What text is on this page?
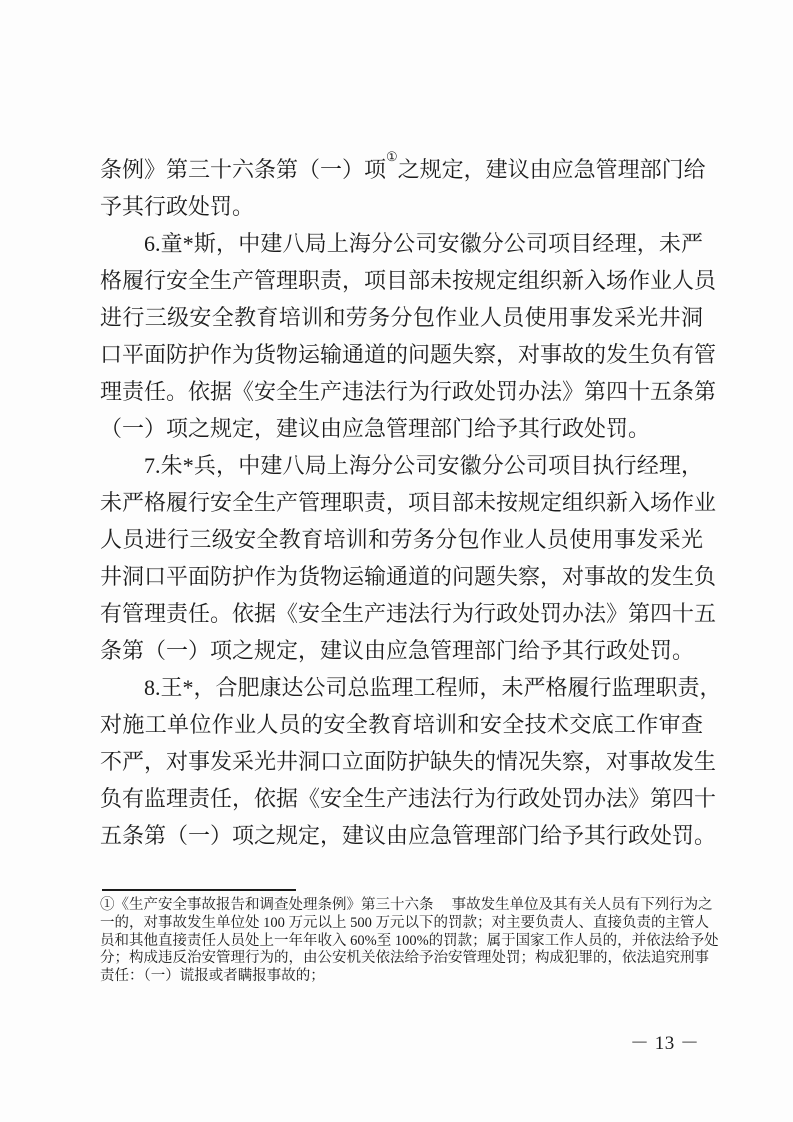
条例》第三十六条第（一）项①之规定，建议由应急管理部门给
予其行政处罚。
6.童*斯，中建八局上海分公司安徽分公司项目经理，未严
格履行安全生产管理职责，项目部未按规定组织新入场作业人员
进行三级安全教育培训和劳务分包作业人员使用事发采光井洞
口平面防护作为货物运输通道的问题失察，对事故的发生负有管
理责任。依据《安全生产违法行为行政处罚办法》第四十五条第
（一）项之规定，建议由应急管理部门给予其行政处罚。
7.朱*兵，中建八局上海分公司安徽分公司项目执行经理，
未严格履行安全生产管理职责，项目部未按规定组织新入场作业
人员进行三级安全教育培训和劳务分包作业人员使用事发采光
井洞口平面防护作为货物运输通道的问题失察，对事故的发生负
有管理责任。依据《安全生产违法行为行政处罚办法》第四十五
条第（一）项之规定，建议由应急管理部门给予其行政处罚。
8.王*，合肥康达公司总监理工程师，未严格履行监理职责，
对施工单位作业人员的安全教育培训和安全技术交底工作审查
不严，对事发采光井洞口立面防护缺失的情况失察，对事故发生
负有监理责任，依据《安全生产违法行为行政处罚办法》第四十
五条第（一）项之规定，建议由应急管理部门给予其行政处罚。
①《生产安全事故报告和调查处理条例》第三十六条　 事故发生单位及其有关人员有下列行为之
一的，对事故发生单位处 100 万元以上 500 万元以下的罚款；对主要负责人、直接负责的主管人
员和其他直接责任人员处上一年年收入 60%至 100%的罚款；属于国家工作人员的，并依法给予处
分；构成违反治安管理行为的，由公安机关依法给予治安管理处罚；构成犯罪的，依法追究刑事
责任：（一）谎报或者瞒报事故的；
－ 13 －
